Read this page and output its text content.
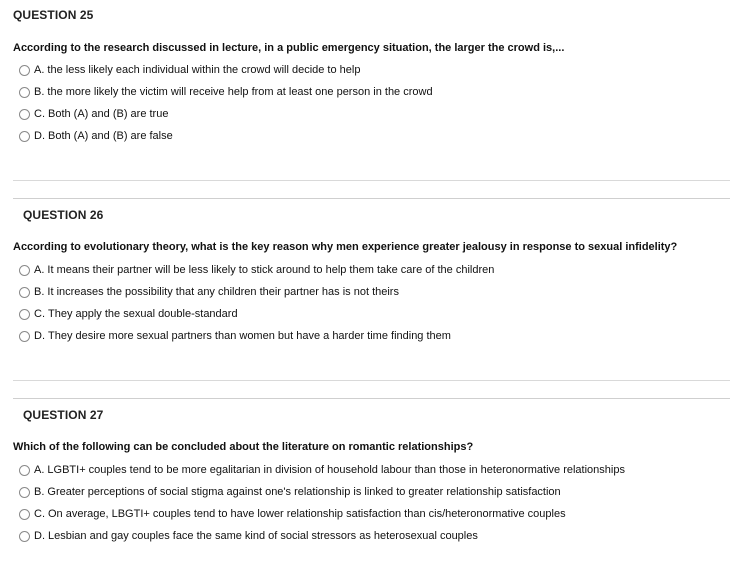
QUESTION 25
According to the research discussed in lecture, in a public emergency situation, the larger the crowd is,...
A. the less likely each individual within the crowd will decide to help
B. the more likely the victim will receive help from at least one person in the crowd
C. Both (A) and (B) are true
D. Both (A) and (B) are false
QUESTION 26
According to evolutionary theory, what is the key reason why men experience greater jealousy in response to sexual infidelity?
A. It means their partner will be less likely to stick around to help them take care of the children
B. It increases the possibility that any children their partner has is not theirs
C. They apply the sexual double-standard
D. They desire more sexual partners than women but have a harder time finding them
QUESTION 27
Which of the following can be concluded about the literature on romantic relationships?
A. LGBTI+ couples tend to be more egalitarian in division of household labour than those in heteronormative relationships
B. Greater perceptions of social stigma against one's relationship is linked to greater relationship satisfaction
C. On average, LBGTI+ couples tend to have lower relationship satisfaction than cis/heteronormative couples
D. Lesbian and gay couples face the same kind of social stressors as heterosexual couples
